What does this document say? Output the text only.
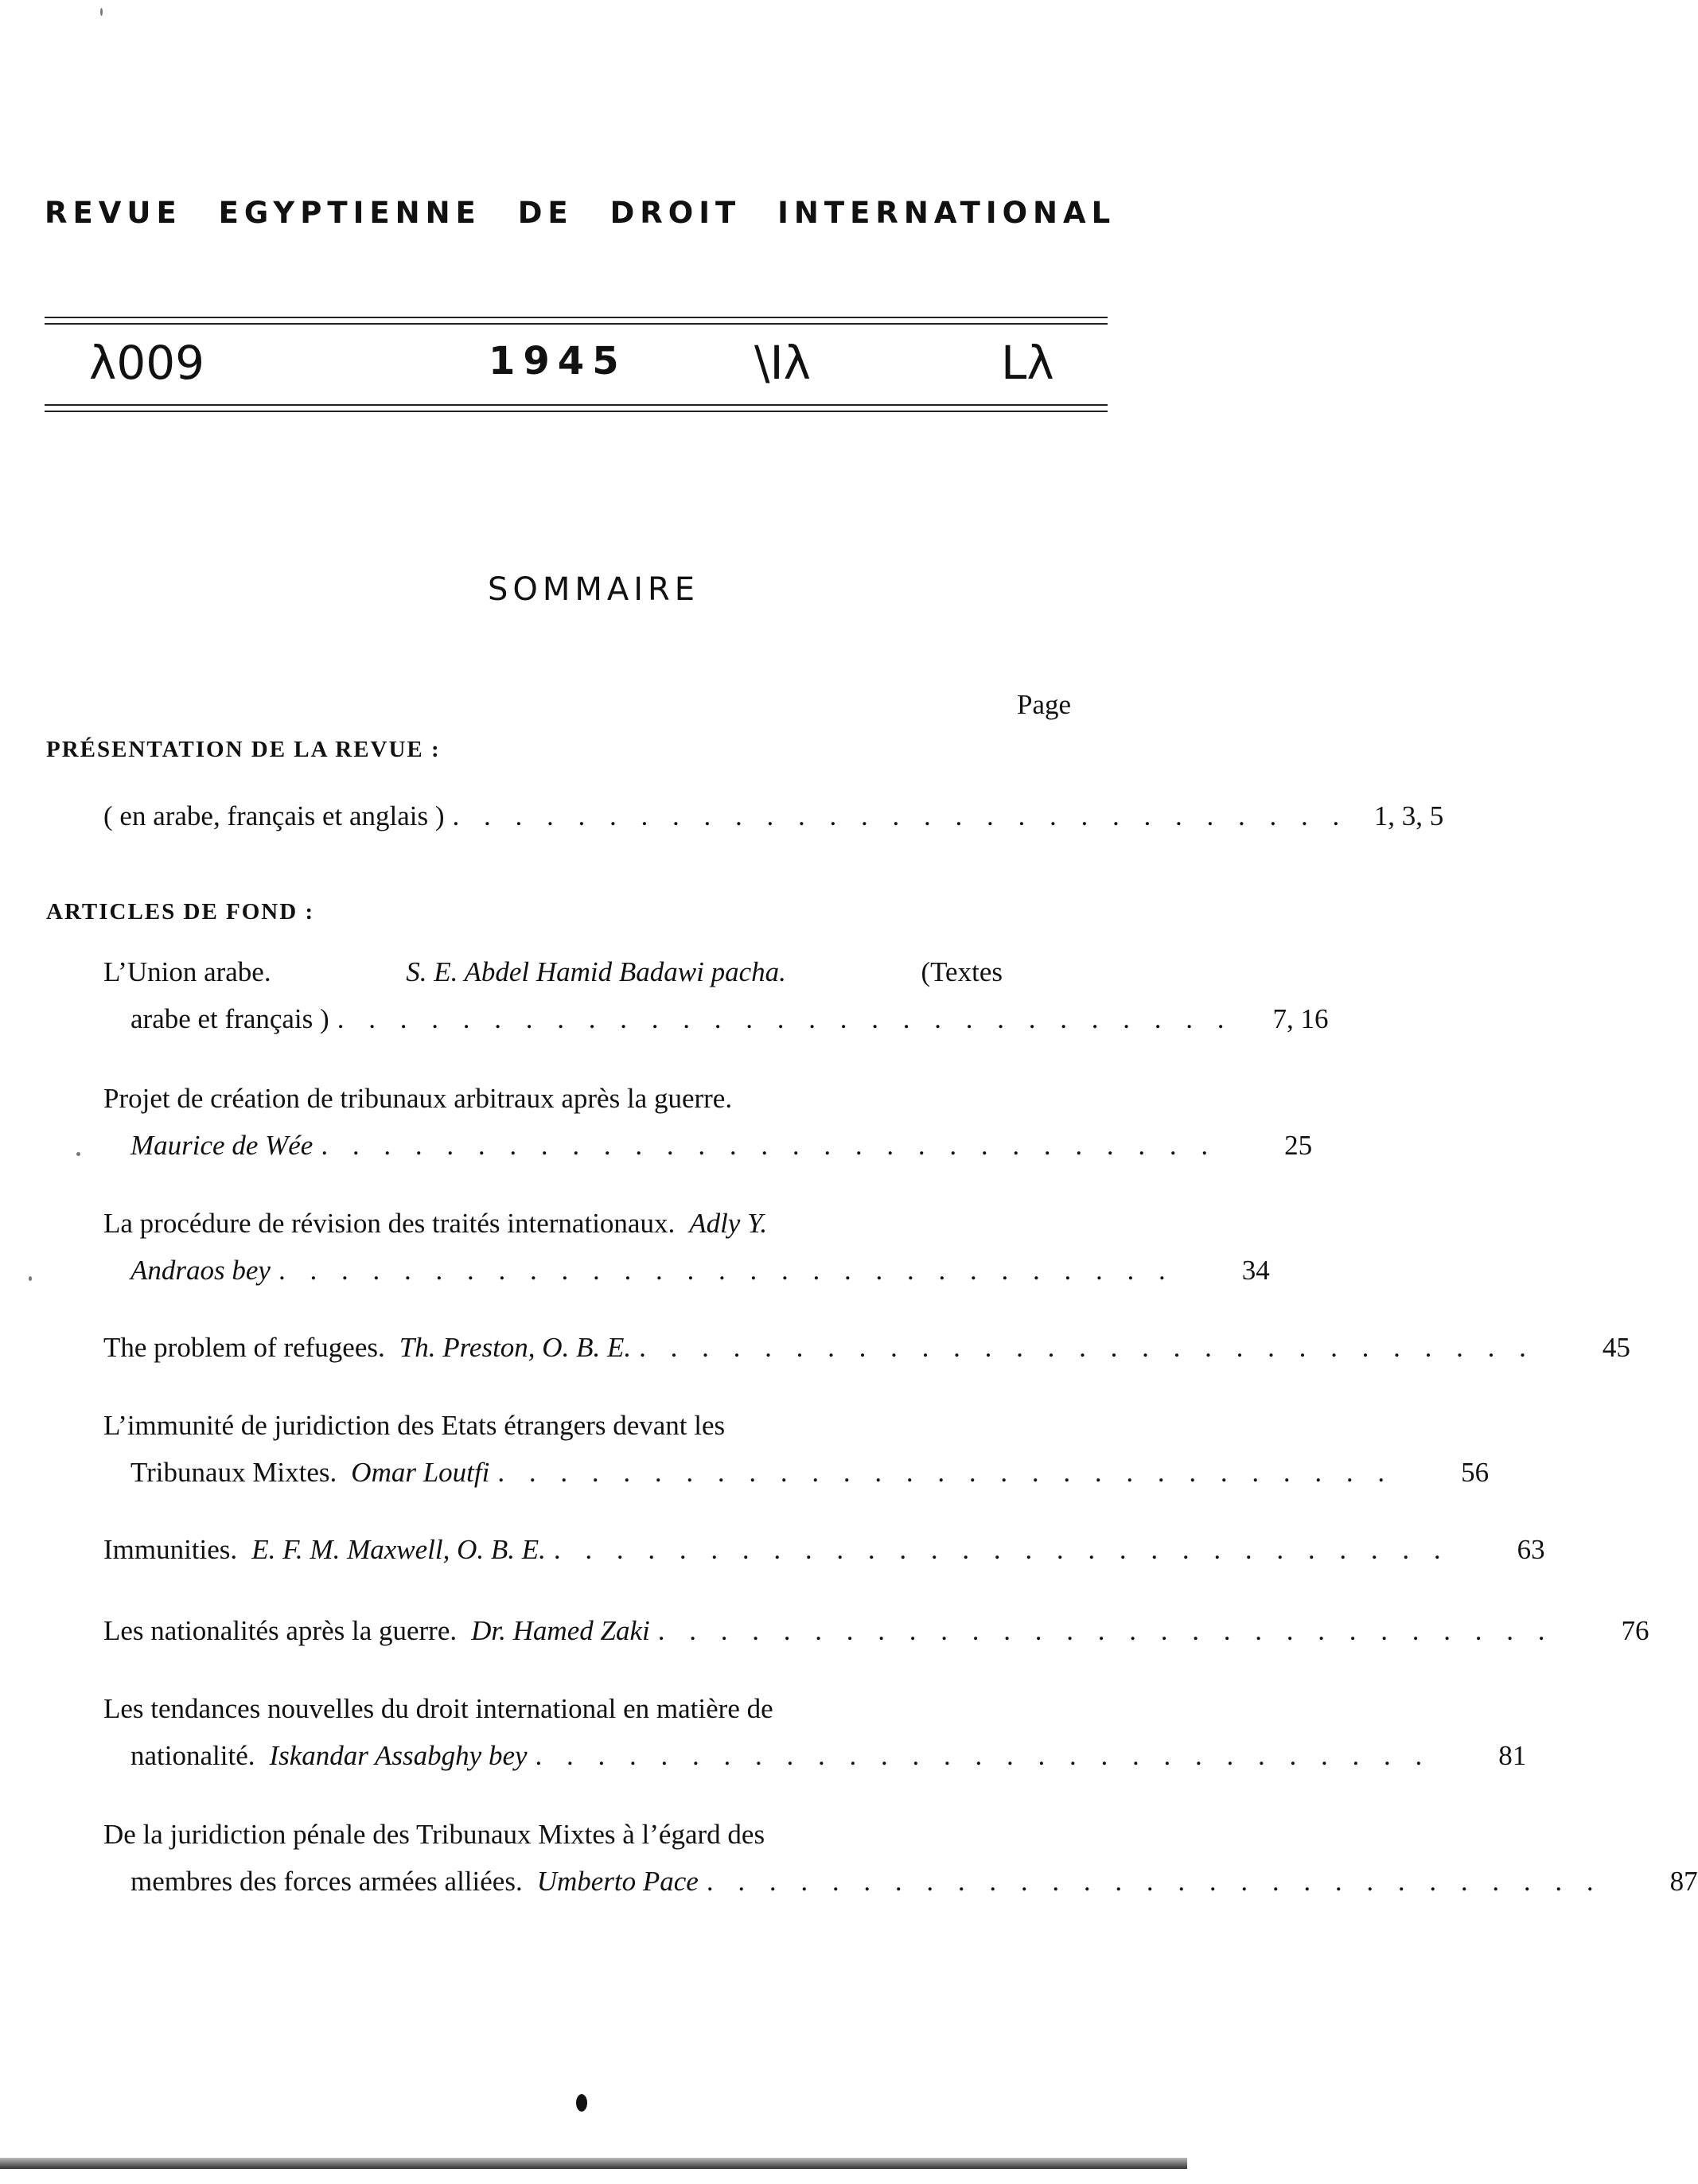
REVUE EGYPTIENNE DE DROIT INTERNATIONAL
λ009	1945	\Iλ	Lλ
SOMMAIRE
Page
PRÉSENTATION DE LA REVUE :
( en arabe, français et anglais ) . . . . . . . . . . . . . . . . . . . . . . . . . . . . . 1, 3, 5
ARTICLES DE FOND :
L’Union arabe.	S. E. Abdel Hamid Badawi pacha.	(Textes
arabe et français ) . . . . . . . . . . . . . . . . . . . . . . . . . . . . .	7, 16
Projet de création de tribunaux arbitraux après la guerre.
Maurice de Wée . . . . . . . . . . . . . . . . . . . . . . . . . . . . .	25
La procédure de révision des traités internationaux. Adly Y.
Andraos bey . . . . . . . . . . . . . . . . . . . . . . . . . . . . .	34
The problem of refugees. Th. Preston, O. B. E. . . . . . . . . . . . . . . . . . . . . . . . . . . . . .	45
L’immunité de juridiction des Etats étrangers devant les
Tribunaux Mixtes. Omar Loutfi . . . . . . . . . . . . . . . . . . . . . . . . . . . . .	56
Immunities. E. F. M. Maxwell, O. B. E. . . . . . . . . . . . . . . . . . . . . . . . . . . . . .	63
Les nationalités après la guerre. Dr. Hamed Zaki . . . . . . . . . . . . . . . . . . . . . . . . . . . . .	76
Les tendances nouvelles du droit international en matière de
nationalité. Iskandar Assabghy bey . . . . . . . . . . . . . . . . . . . . . . . . . . . . .	81
De la juridiction pénale des Tribunaux Mixtes à l’égard des
membres des forces armées alliées. Umberto Pace . . . . . . . . . . . . . . . . . . . . . . . . . . . . .	87
